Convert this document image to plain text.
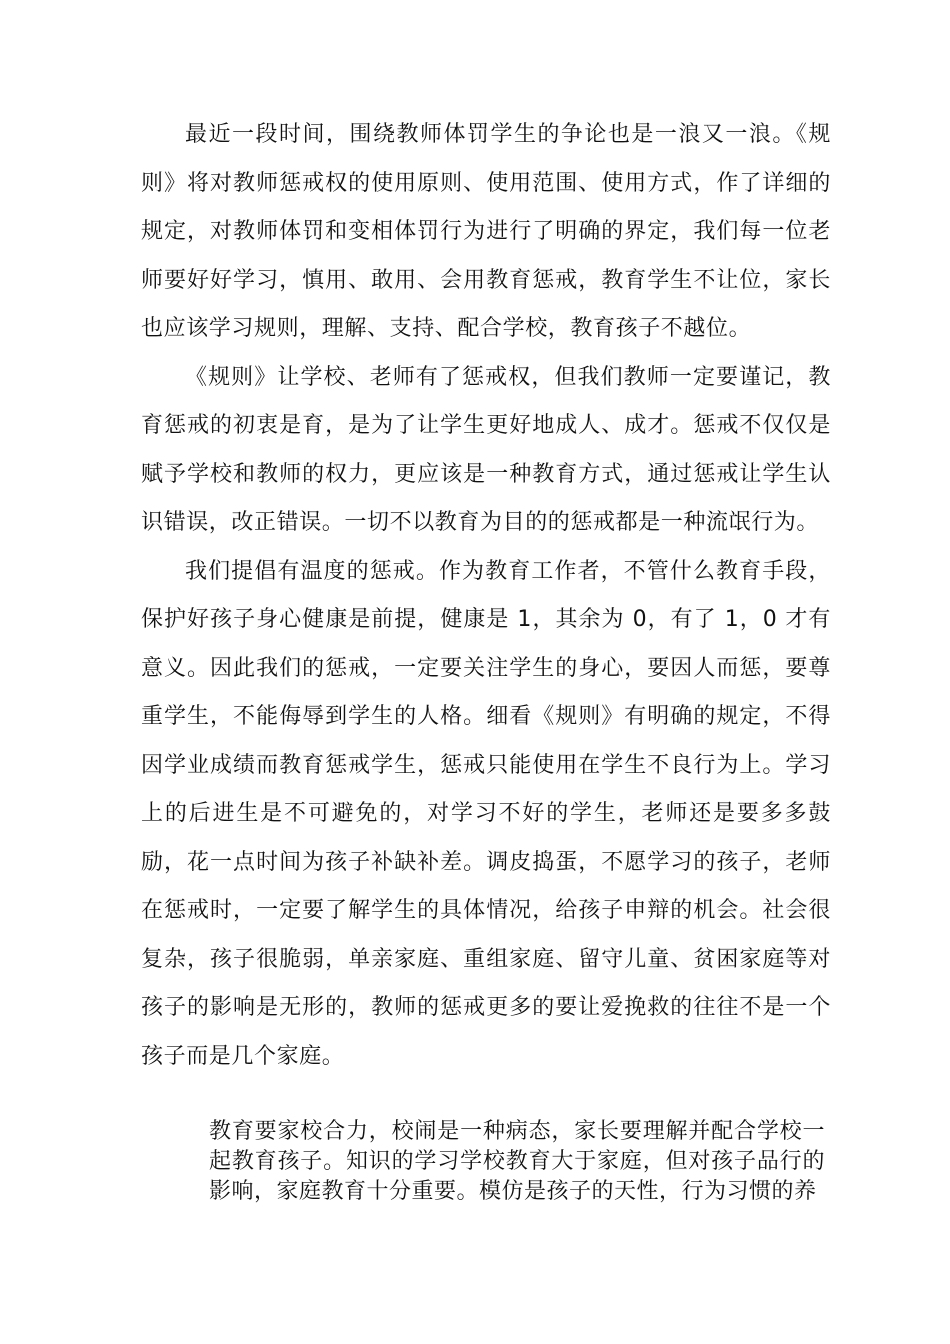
最近一段时间，围绕教师体罚学生的争论也是一浪又一浪。《规则》将对教师惩戒权的使用原则、使用范围、使用方式，作了详细的规定，对教师体罚和变相体罚行为进行了明确的界定，我们每一位老师要好好学习，慎用、敢用、会用教育惩戒，教育学生不让位，家长也应该学习规则，理解、支持、配合学校，教育孩子不越位。

《规则》让学校、老师有了惩戒权，但我们教师一定要谨记，教育惩戒的初衷是育，是为了让学生更好地成人、成才。惩戒不仅仅是赋予学校和教师的权力，更应该是一种教育方式，通过惩戒让学生认识错误，改正错误。一切不以教育为目的的惩戒都是一种流氓行为。

我们提倡有温度的惩戒。作为教育工作者，不管什么教育手段，保护好孩子身心健康是前提，健康是 1，其余为 0，有了 1，0 才有意义。因此我们的惩戒，一定要关注学生的身心，要因人而惩，要尊重学生，不能侮辱到学生的人格。细看《规则》有明确的规定，不得因学业成绩而教育惩戒学生，惩戒只能使用在学生不良行为上。学习上的后进生是不可避免的，对学习不好的学生，老师还是要多多鼓励，花一点时间为孩子补缺补差。调皮捣蛋，不愿学习的孩子，老师在惩戒时，一定要了解学生的具体情况，给孩子申辩的机会。社会很复杂，孩子很脆弱，单亲家庭、重组家庭、留守儿童、贫困家庭等对孩子的影响是无形的，教师的惩戒更多的要让爱挽救的往往不是一个孩子而是几个家庭。

教育要家校合力，校闹是一种病态，家长要理解并配合学校一起教育孩子。知识的学习学校教育大于家庭，但对孩子品行的影响，家庭教育十分重要。模仿是孩子的天性，行为习惯的养
